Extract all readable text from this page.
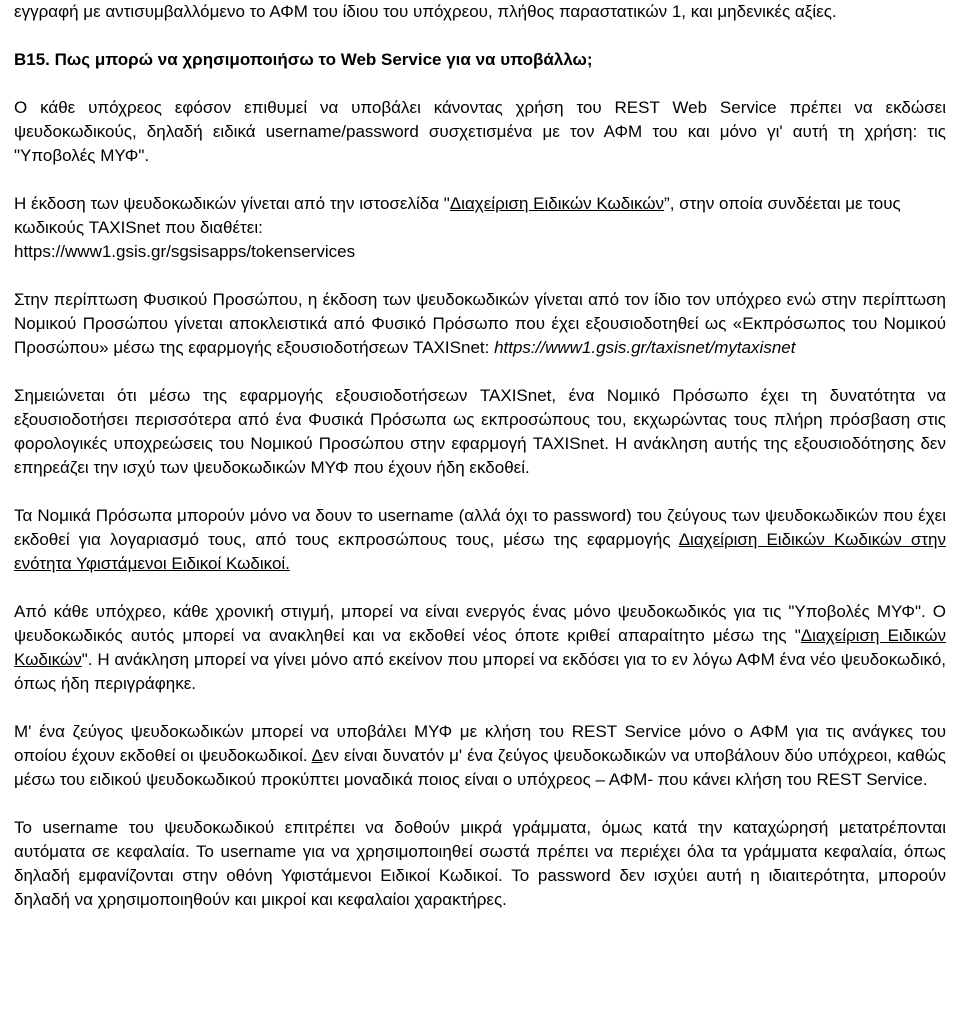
εγγραφή με αντισυμβαλλόμενο το ΑΦΜ του ίδιου του υπόχρεου, πλήθος παραστατικών 1, και μηδενικές αξίες.

B15. Πως μπορώ να χρησιμοποιήσω το Web Service για να υποβάλλω;

Ο κάθε υπόχρεος εφόσον επιθυμεί να υποβάλει κάνοντας χρήση του REST Web Service πρέπει να εκδώσει ψευδοκωδικούς, δηλαδή ειδικά username/password συσχετισμένα με τον ΑΦΜ του και μόνο γι' αυτή τη χρήση: τις "Υποβολές ΜΥΦ".

Η έκδοση των ψευδοκωδικών γίνεται από την ιστοσελίδα "Διαχείριση Ειδικών Κωδικών”, στην οποία συνδέεται με τους κωδικούς TAXISnet που διαθέτει:
https://www1.gsis.gr/sgsisapps/tokenservices

Στην περίπτωση Φυσικού Προσώπου, η έκδοση των ψευδοκωδικών γίνεται από τον ίδιο τον υπόχρεο ενώ στην περίπτωση Νομικού Προσώπου γίνεται αποκλειστικά από Φυσικό Πρόσωπο που έχει εξουσιοδοτηθεί ως «Εκπρόσωπος του Νομικού Προσώπου» μέσω της εφαρμογής εξουσιοδοτήσεων TAXISnet: https://www1.gsis.gr/taxisnet/mytaxisnet

Σημειώνεται ότι μέσω της εφαρμογής εξουσιοδοτήσεων TAXISnet, ένα Νομικό Πρόσωπο έχει τη δυνατότητα να εξουσιοδοτήσει περισσότερα από ένα Φυσικά Πρόσωπα ως εκπροσώπους του, εκχωρώντας τους πλήρη πρόσβαση στις φορολογικές υποχρεώσεις του Νομικού Προσώπου στην εφαρμογή TAXISnet. Η ανάκληση αυτής της εξουσιοδότησης δεν επηρεάζει την ισχύ των ψευδοκωδικών ΜΥΦ που έχουν ήδη εκδοθεί.

Τα Νομικά Πρόσωπα μπορούν μόνο να δουν το username (αλλά όχι το password) του ζεύγους των ψευδοκωδικών που έχει εκδοθεί για λογαριασμό τους, από τους εκπροσώπους τους, μέσω της εφαρμογής Διαχείριση Ειδικών Κωδικών στην ενότητα Υφιστάμενοι Ειδικοί Κωδικοί.

Από κάθε υπόχρεο, κάθε χρονική στιγμή, μπορεί να είναι ενεργός ένας μόνο ψευδοκωδικός για τις "Υποβολές ΜΥΦ". Ο ψευδοκωδικός αυτός μπορεί να ανακληθεί και να εκδοθεί νέος όποτε κριθεί απαραίτητο μέσω της "Διαχείριση Ειδικών Κωδικών". Η ανάκληση μπορεί να γίνει μόνο από εκείνον που μπορεί να εκδόσει για το εν λόγω ΑΦΜ ένα νέο ψευδοκωδικό, όπως ήδη περιγράφηκε.

Μ' ένα ζεύγος ψευδοκωδικών μπορεί να υποβάλει ΜΥΦ με κλήση του REST Service μόνο ο ΑΦΜ για τις ανάγκες του οποίου έχουν εκδοθεί οι ψευδοκωδικοί. Δεν είναι δυνατόν μ' ένα ζεύγος ψευδοκωδικών να υποβάλουν δύο υπόχρεοι, καθώς μέσω του ειδικού ψευδοκωδικού προκύπτει μοναδικά ποιος είναι ο υπόχρεος – ΑΦΜ- που κάνει κλήση του REST Service.

Το username του ψευδοκωδικού επιτρέπει να δοθούν μικρά γράμματα, όμως κατά την καταχώρησή μετατρέπονται αυτόματα σε κεφαλαία. Το username για να χρησιμοποιηθεί σωστά πρέπει να περιέχει όλα τα γράμματα κεφαλαία, όπως δηλαδή εμφανίζονται στην οθόνη Υφιστάμενοι Ειδικοί Κωδικοί. Το password δεν ισχύει αυτή η ιδιαιτερότητα, μπορούν δηλαδή να χρησιμοποιηθούν και μικροί και κεφαλαίοι χαρακτήρες.
